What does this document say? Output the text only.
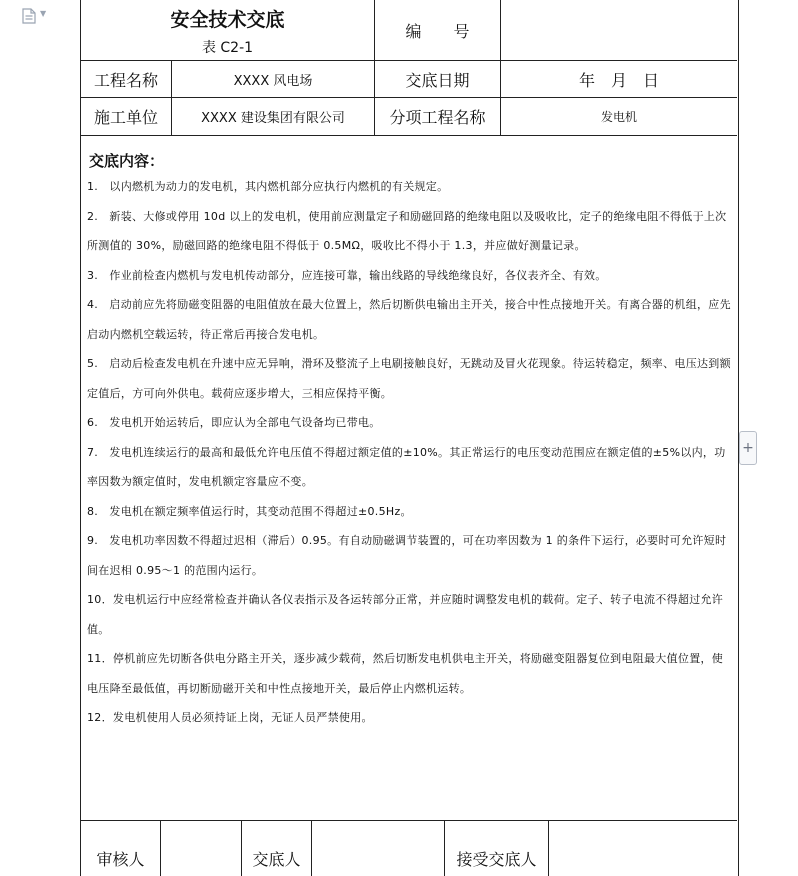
▼	安全技术交底
表 C2-1
编　　号
工程名称	XXXX 风电场	交底日期	年　月　日
施工单位	XXXX 建设集团有限公司	分项工程名称	发电机
交底内容：

1.　以内燃机为动力的发电机，其内燃机部分应执行内燃机的有关规定。

2.　新装、大修或停用 10d 以上的发电机，使用前应测量定子和励磁回路的绝缘电阻以及吸收比，定子的绝缘电阻不得低于上次所测值的 30%，励磁回路的绝缘电阻不得低于 0.5MΩ，吸收比不得小于 1.3，并应做好测量记录。

3.　作业前检查内燃机与发电机传动部分，应连接可靠，输出线路的导线绝缘良好，各仪表齐全、有效。

4.　启动前应先将励磁变阻器的电阻值放在最大位置上，然后切断供电输出主开关，接合中性点接地开关。有离合器的机组，应先启动内燃机空载运转，待正常后再接合发电机。

5.　启动后检查发电机在升速中应无异响，滑环及整流子上电刷接触良好，无跳动及冒火花现象。待运转稳定，频率、电压达到额定值后，方可向外供电。载荷应逐步增大，三相应保持平衡。

6.　发电机开始运转后，即应认为全部电气设备均已带电。

7.　发电机连续运行的最高和最低允许电压值不得超过额定值的±10%。其正常运行的电压变动范围应在额定值的±5%以内，功率因数为额定值时，发电机额定容量应不变。

8.　发电机在额定频率值运行时，其变动范围不得超过±0.5Hz。

9.　发电机功率因数不得超过迟相（滞后）0.95。有自动励磁调节装置的，可在功率因数为 1 的条件下运行，必要时可允许短时间在迟相 0.95～1 的范围内运行。

10．发电机运行中应经常检查并确认各仪表指示及各运转部分正常，并应随时调整发电机的载荷。定子、转子电流不得超过允许值。

11．停机前应先切断各供电分路主开关，逐步减少载荷，然后切断发电机供电主开关，将励磁变阻器复位到电阻最大值位置，使电压降至最低值，再切断励磁开关和中性点接地开关，最后停止内燃机运转。

12．发电机使用人员必须持证上岗，无证人员严禁使用。

审核人	交底人	接受交底人
+
